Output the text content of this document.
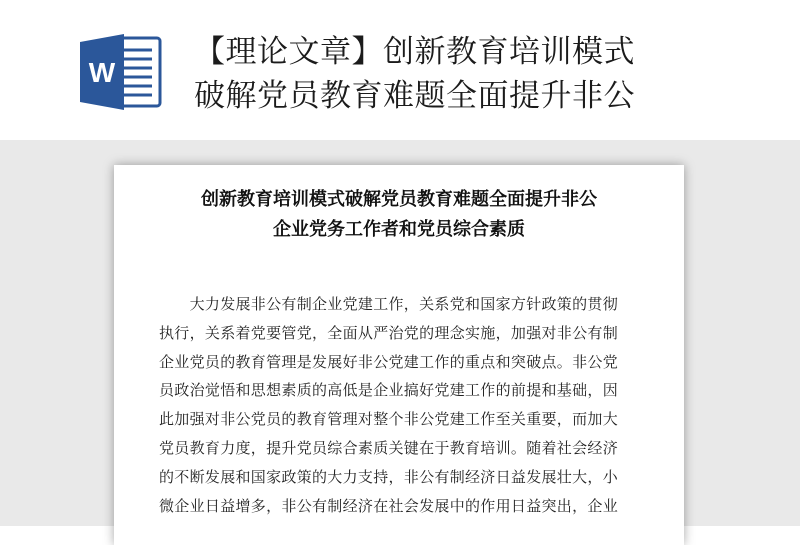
W
【理论文章】创新教育培训模式
破解党员教育难题全面提升非公
创新教育培训模式破解党员教育难题全面提升非公
企业党务工作者和党员综合素质
　　大力发展非公有制企业党建工作，关系党和国家方针政策的贯彻
执行，关系着党要管党，全面从严治党的理念实施，加强对非公有制
企业党员的教育管理是发展好非公党建工作的重点和突破点。非公党
员政治觉悟和思想素质的高低是企业搞好党建工作的前提和基础，因
此加强对非公党员的教育管理对整个非公党建工作至关重要，而加大
党员教育力度，提升党员综合素质关键在于教育培训。随着社会经济
的不断发展和国家政策的大力支持，非公有制经济日益发展壮大，小
微企业日益增多，非公有制经济在社会发展中的作用日益突出，企业
